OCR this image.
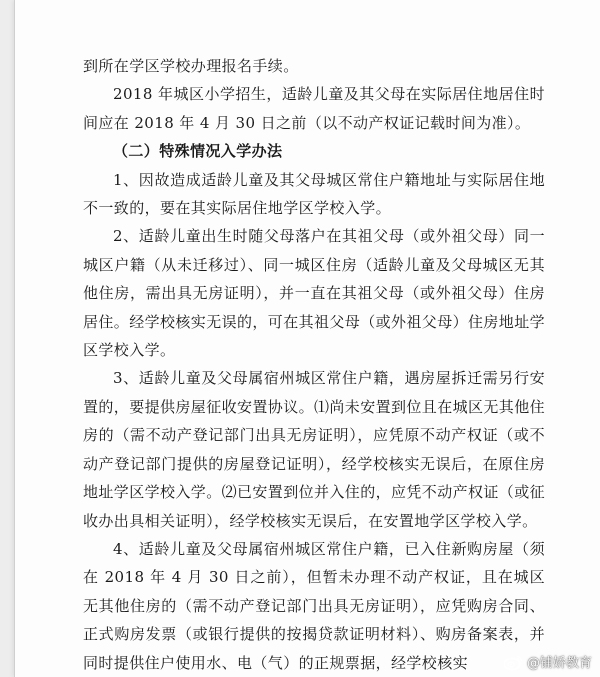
到所在学区学校办理报名手续。

2018 年城区小学招生，适龄儿童及其父母在实际居住地居住时间应在 2018 年 4 月 30 日之前（以不动产权证记载时间为准）。

（二）特殊情况入学办法

1、因故造成适龄儿童及其父母城区常住户籍地址与实际居住地不一致的，要在其实际居住地学区学校入学。

2、适龄儿童出生时随父母落户在其祖父母（或外祖父母）同一城区户籍（从未迁移过）、同一城区住房（适龄儿童及父母城区无其他住房，需出具无房证明），并一直在其祖父母（或外祖父母）住房居住。经学校核实无误的，可在其祖父母（或外祖父母）住房地址学区学校入学。

3、适龄儿童及父母属宿州城区常住户籍，遇房屋拆迁需另行安置的，要提供房屋征收安置协议。⑴尚未安置到位且在城区无其他住房的（需不动产登记部门出具无房证明），应凭原不动产权证（或不动产登记部门提供的房屋登记证明），经学校核实无误后，在原住房地址学区学校入学。⑵已安置到位并入住的，应凭不动产权证（或征收办出具相关证明），经学校核实无误后，在安置地学区学校入学。

4、适龄儿童及父母属宿州城区常住户籍，已入住新购房屋（须在 2018 年 4 月 30 日之前），但暂未办理不动产权证，且在城区无其他住房的（需不动产登记部门出具无房证明），应凭购房合同、正式购房发票（或银行提供的按揭贷款证明材料）、购房备案表，并同时提供住户使用水、电（气）的正规票据，经学校核实	@铺娇教育
